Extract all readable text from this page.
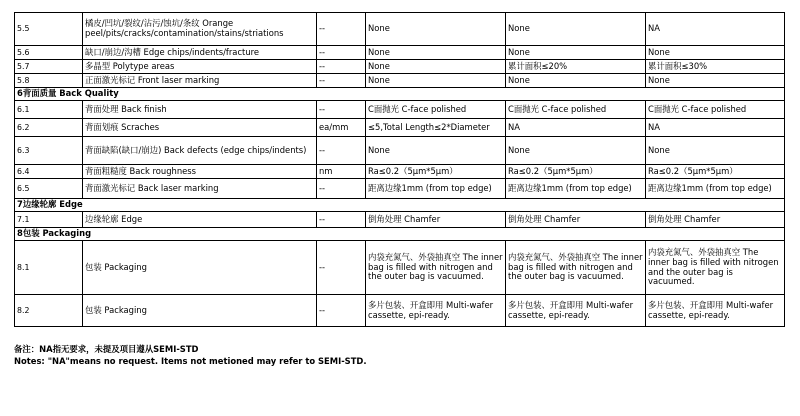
5.5	橘皮/凹坑/裂纹/沾污/蚀坑/条纹 Orange peel/pits/cracks/contamination/stains/striations	--	None	None	NA
5.6	缺口/崩边/沟槽 Edge chips/indents/fracture	--	None	None	None
5.7	多晶型 Polytype areas	--	None	累计面积≤20%	累计面积≤30%
5.8	正面激光标记 Front laser marking	--	None	None	None
6背面质量 Back Quality					
6.1	背面处理 Back finish	--	C面抛光 C-face polished	C面抛光 C-face polished	C面抛光 C-face polished
6.2	背面划痕 Scraches	ea/mm	≤5,Total Length≤2*Diameter	NA	NA
6.3	背面缺陷(缺口/崩边) Back defects (edge chips/indents)	--	None	None	None
6.4	背面粗糙度 Back roughness	nm	Ra≤0.2（5μm*5μm）	Ra≤0.2（5μm*5μm）	Ra≤0.2（5μm*5μm）
6.5	背面激光标记 Back laser marking	--	距离边缘1mm (from top edge)	距离边缘1mm (from top edge)	距离边缘1mm (from top edge)
7边缘轮廓 Edge					
7.1	边缘轮廓 Edge	--	倒角处理 Chamfer	倒角处理 Chamfer	倒角处理 Chamfer
8包装 Packaging					
8.1	包装 Packaging	--	内袋充氮气、外袋抽真空 The inner bag is filled with nitrogen and the outer bag is vacuumed.	内袋充氮气、外袋抽真空 The inner bag is filled with nitrogen and the outer bag is vacuumed.	内袋充氮气、外袋抽真空 The inner bag is filled with nitrogen and the outer bag is vacuumed.
8.2	包装 Packaging	--	多片包装、开盒即用 Multi-wafer cassette, epi-ready.	多片包装、开盒即用 Multi-wafer cassette, epi-ready.	多片包装、开盒即用 Multi-wafer cassette, epi-ready.
备注：NA指无要求，未提及项目遵从SEMI-STD
Notes: "NA"means no request. Items not metioned may refer to SEMI-STD.
